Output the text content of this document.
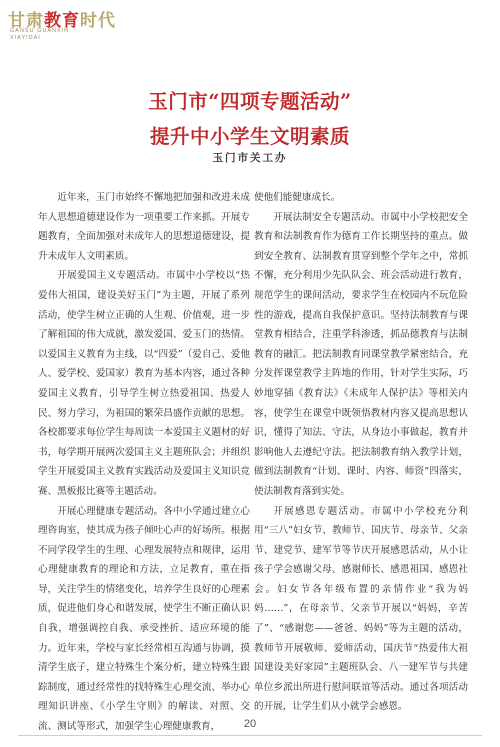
甘肃教育时代
GANSU GUANXIN
XIAYIDAI
玉门市“四项专题活动”
提升中小学生文明素质
玉门市关工办

近年来，玉门市始终不懈地把加强和改进未成年人思想道德建设作为一项重要工作来抓。开展专题教育，全面加强对未成年人的思想道德建设，提升未成年人文明素质。

开展爱国主义专题活动。市属中小学校以“热爱伟大祖国，建设美好玉门”为主题，开展了系列活动，使学生树立正确的人生观、价值观，进一步了解祖国的伟大成就，激发爱国、爱玉门的热情。以爱国主义教育为主线，以“四爱”（爱自己、爱他人、爱学校、爱国家）教育为基本内容，通过各种爱国主义教育，引导学生树立热爱祖国、热爱人民、努力学习，为祖国的繁荣昌盛作贡献的思想。各校都要求每位学生每周读一本爱国主义题材的好书，每学期开展两次爱国主义主题班队会；并组织学生开展爱国主义教育实践活动及爱国主义知识竞赛、黑板报比赛等主题活动。

开展心理健康专题活动。各中小学通过建立心理咨询室，使其成为孩子倾吐心声的好场所。根据不同学段学生的生理、心理发展特点和规律，运用心理健康教育的理论和方法，立足教育，重在指导，关注学生的情绪变化，培养学生良好的心理素质，促进他们身心和谐发展，使学生不断正确认识自我，增强调控自我、承受挫折、适应环境的能力。近年来，学校与家长经常相互沟通与协调，摸清学生底子，建立特殊生个案分析，建立特殊生跟踪制度，通过经常性的找特殊生心理交流、举办心理知识讲座、《小学生守则》的解读、对照、交流、测试等形式，加强学生心理健康教育，

使他们能健康成长。

开展法制安全专题活动。市属中小学校把安全教育和法制教育作为德育工作长期坚持的重点。做到安全教育、法制教育贯穿到整个学年之中，常抓不懈，充分利用少先队队会、班会活动进行教育，规范学生的课间活动，要求学生在校园内不玩危险性的游戏，提高自我保护意识。坚持法制教育与课堂教育相结合，注重学科渗透，抓品德教育与法制教育的融汇。把法制教育同课堂教学紧密结合，充分发挥课堂教学主阵地的作用，针对学生实际，巧妙地穿插《教育法》《未成年人保护法》等相关内容，使学生在课堂中既领悟教材内容又提高思想认识，懂得了知法、守法，从身边小事做起，教育并影响他人去遵纪守法。把法制教育纳入教学计划，做到法制教育“计划、课时、内容、师资”四落实，使法制教育落到实处。

开展感恩专题活动。市属中小学校充分利用“三八”妇女节、教师节、国庆节、母亲节、父亲节、建党节、建军节等节庆开展感恩活动，从小让孩子学会感谢父母、感谢师长、感恩祖国、感恩社会。妇女节各年级布置的亲情作业“我为妈妈……”，在母亲节、父亲节开展以“妈妈，辛苦了”、“感谢您——爸爸、妈妈”等为主题的活动，教师节开展敬师、爱师活动，国庆节“热爱伟大祖国建设美好家园”主题班队会、八一建军节与共建单位乡派出所进行慰问联谊等活动。通过各项活动的开展，让学生们从小就学会感恩。

20
